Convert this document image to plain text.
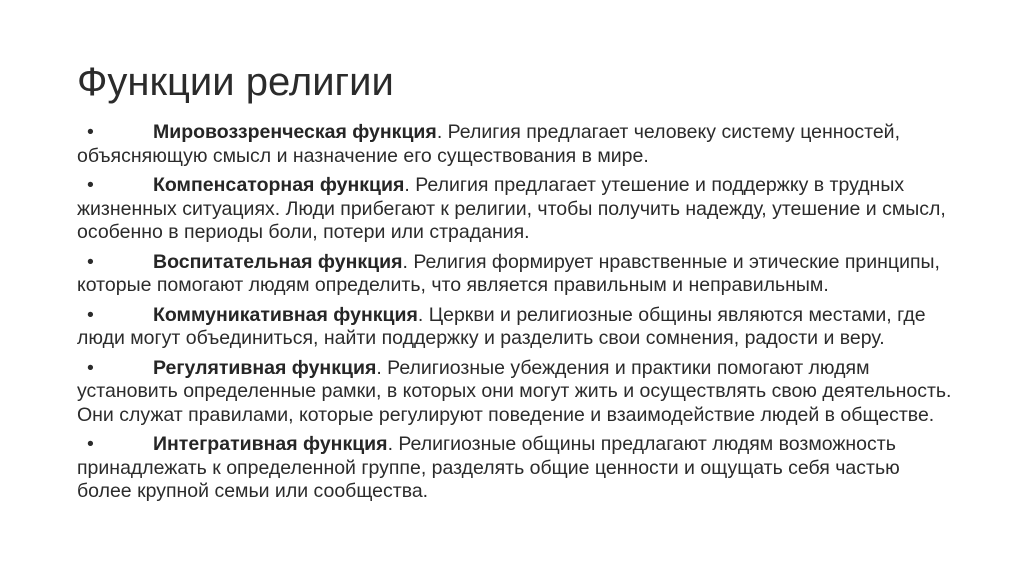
Функции религии
•	Мировоззренческая функция. Религия предлагает человеку систему ценностей, объясняющую смысл и назначение его существования в мире.
•	Компенсаторная функция. Религия предлагает утешение и поддержку в трудных жизненных ситуациях. Люди прибегают к религии, чтобы получить надежду, утешение и смысл, особенно в периоды боли, потери или страдания.
•	Воспитательная функция. Религия формирует нравственные и этические принципы, которые помогают людям определить, что является правильным и неправильным.
•	Коммуникативная функция. Церкви и религиозные общины являются местами, где люди могут объединиться, найти поддержку и разделить свои сомнения, радости и веру.
•	Регулятивная функция. Религиозные убеждения и практики помогают людям установить определенные рамки, в которых они могут жить и осуществлять свою деятельность. Они служат правилами, которые регулируют поведение и взаимодействие людей в обществе.
•	Интегративная функция. Религиозные общины предлагают людям возможность принадлежать к определенной группе, разделять общие ценности и ощущать себя частью более крупной семьи или сообщества.
